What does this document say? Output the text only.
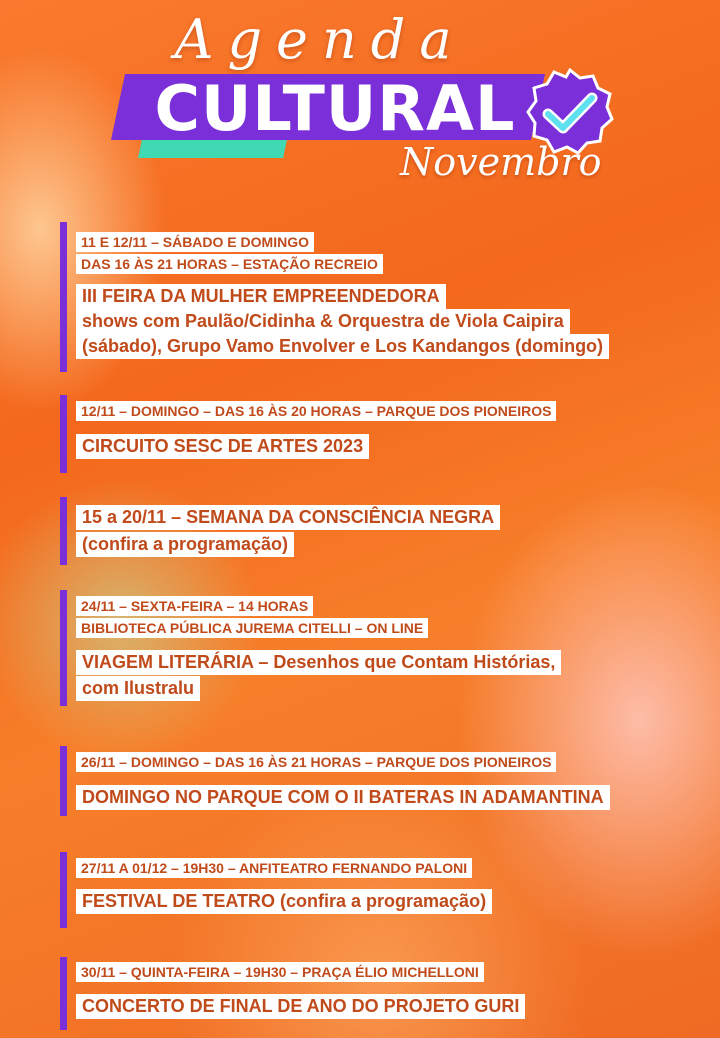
Agenda
CULTURAL
Novembro
11 E 12/11 – SÁBADO E DOMINGO
DAS 16 ÀS 21 HORAS – ESTAÇÃO RECREIO
III FEIRA DA MULHER EMPREENDEDORA
shows com Paulão/Cidinha & Orquestra de Viola Caipira
(sábado), Grupo Vamo Envolver e Los Kandangos (domingo)
12/11 – DOMINGO – DAS 16 ÀS 20 HORAS – PARQUE DOS PIONEIROS
CIRCUITO SESC DE ARTES 2023
15 a 20/11 – SEMANA DA CONSCIÊNCIA NEGRA
(confira a programação)
24/11 – SEXTA-FEIRA – 14 HORAS
BIBLIOTECA PÚBLICA JUREMA CITELLI – ON LINE
VIAGEM LITERÁRIA – Desenhos que Contam Histórias,
com Ilustralu
26/11 – DOMINGO – DAS 16 ÀS 21 HORAS – PARQUE DOS PIONEIROS
DOMINGO NO PARQUE COM O II BATERAS IN ADAMANTINA
27/11 A 01/12 – 19H30 – ANFITEATRO FERNANDO PALONI
FESTIVAL DE TEATRO (confira a programação)
30/11 – QUINTA-FEIRA – 19H30 – PRAÇA ÉLIO MICHELLONI
CONCERTO DE FINAL DE ANO DO PROJETO GURI
